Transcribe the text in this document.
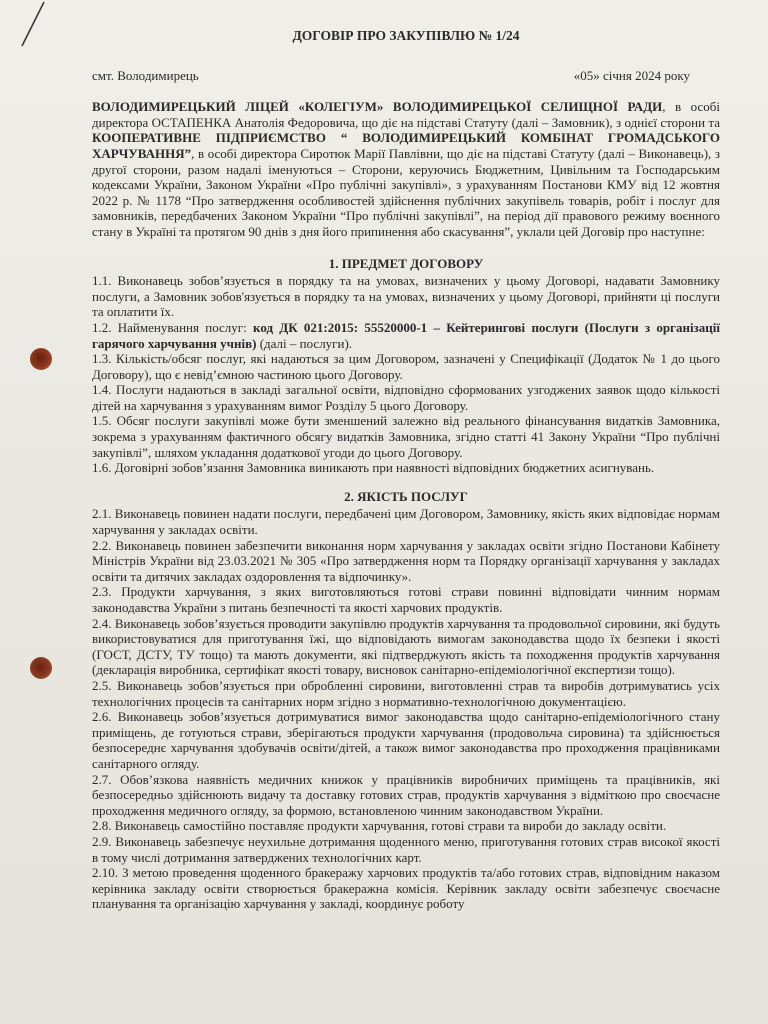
ДОГОВІР ПРО ЗАКУПІВЛЮ № 1/24
смт. Володимирець	«05» січня 2024 року

ВОЛОДИМИРЕЦЬКИЙ ЛІЦЕЙ «КОЛЕГІУМ» ВОЛОДИМИРЕЦЬКОЇ СЕЛИЩНОЇ РАДИ, в особі директора ОСТАПЕНКА Анатолія Федоровича, що діє на підставі Статуту (далі – Замовник), з однієї сторони та КООПЕРАТИВНЕ ПІДПРИЄМСТВО “ ВОЛОДИМИРЕЦЬКИЙ КОМБІНАТ ГРОМАДСЬКОГО ХАРЧУВАННЯ”, в особі директора Сиротюк Марії Павлівни, що діє на підставі Статуту (далі – Виконавець), з другої сторони, разом надалі іменуються – Сторони, керуючись Бюджетним, Цивільним та Господарським кодексами України, Законом України «Про публічні закупівлі», з урахуванням Постанови КМУ від 12 жовтня 2022 р. № 1178 “Про затвердження особливостей здійснення публічних закупівель товарів, робіт і послуг для замовників, передбачених Законом України “Про публічні закупівлі”, на період дії правового режиму воєнного стану в Україні та протягом 90 днів з дня його припинення або скасування”, уклали цей Договір про наступне:

1. ПРЕДМЕТ ДОГОВОРУ

1.1. Виконавець зобов’язується в порядку та на умовах, визначених у цьому Договорі, надавати Замовнику послуги, а Замовник зобов'язується в порядку та на умовах, визначених у цьому Договорі, прийняти ці послуги та оплатити їх.

1.2. Найменування послуг: код ДК 021:2015: 55520000-1 – Кейтерингові послуги (Послуги з організації гарячого харчування учнів) (далі – послуги).

1.3. Кількість/обсяг послуг, які надаються за цим Договором, зазначені у Специфікації (Додаток № 1 до цього Договору), що є невід’ємною частиною цього Договору.

1.4. Послуги надаються в закладі загальної освіти, відповідно сформованих узгоджених заявок щодо кількості дітей на харчування з урахуванням вимог Розділу 5 цього Договору.

1.5. Обсяг послуги закупівлі може бути зменшений залежно від реального фінансування видатків Замовника, зокрема з урахуванням фактичного обсягу видатків Замовника, згідно статті 41 Закону України “Про публічні закупівлі”, шляхом укладання додаткової угоди до цього Договору.

1.6. Договірні зобов’язання Замовника виникають при наявності відповідних бюджетних асигнувань.

2. ЯКІСТЬ ПОСЛУГ

2.1. Виконавець повинен надати послуги, передбачені цим Договором, Замовнику, якість яких відповідає нормам харчування у закладах освіти.

2.2. Виконавець повинен забезпечити виконання норм харчування у закладах освіти згідно Постанови Кабінету Міністрів України від 23.03.2021 № 305 «Про затвердження норм та Порядку організації харчування у закладах освіти та дитячих закладах оздоровлення та відпочинку».

2.3. Продукти харчування, з яких виготовляються готові страви повинні відповідати чинним нормам законодавства України з питань безпечності та якості харчових продуктів.

2.4. Виконавець зобов’язується проводити закупівлю продуктів харчування та продовольчої сировини, які будуть використовуватися для приготування їжі, що відповідають вимогам законодавства щодо їх безпеки і якості (ГОСТ, ДСТУ, ТУ тощо) та мають документи, які підтверджують якість та походження продуктів харчування (декларація виробника, сертифікат якості товару, висновок санітарно-епідеміологічної експертизи тощо).

2.5. Виконавець зобов’язується при обробленні сировини, виготовленні страв та виробів дотримуватись усіх технологічних процесів та санітарних норм згідно з нормативно-технологічною документацією.

2.6. Виконавець зобов’язується дотримуватися вимог законодавства щодо санітарно-епідеміологічного стану приміщень, де готуються страви, зберігаються продукти харчування (продовольча сировина) та здійснюється безпосереднє харчування здобувачів освіти/дітей, а також вимог законодавства про проходження працівниками санітарного огляду.

2.7. Обов’язкова наявність медичних книжок у працівників виробничих приміщень та працівників, які безпосередньо здійснюють видачу та доставку готових страв, продуктів харчування з відміткою про своєчасне проходження медичного огляду, за формою, встановленою чинним законодавством України.

2.8. Виконавець самостійно поставляє продукти харчування, готові страви та вироби до закладу освіти.

2.9. Виконавець забезпечує неухильне дотримання щоденного меню, приготування готових страв високої якості в тому числі дотримання затверджених технологічних карт.

2.10. З метою проведення щоденного бракеражу харчових продуктів та/або готових страв, відповідним наказом керівника закладу освіти створюється бракеражна комісія. Керівник закладу освіти забезпечує своєчасне планування та організацію харчування у закладі, координує роботу
